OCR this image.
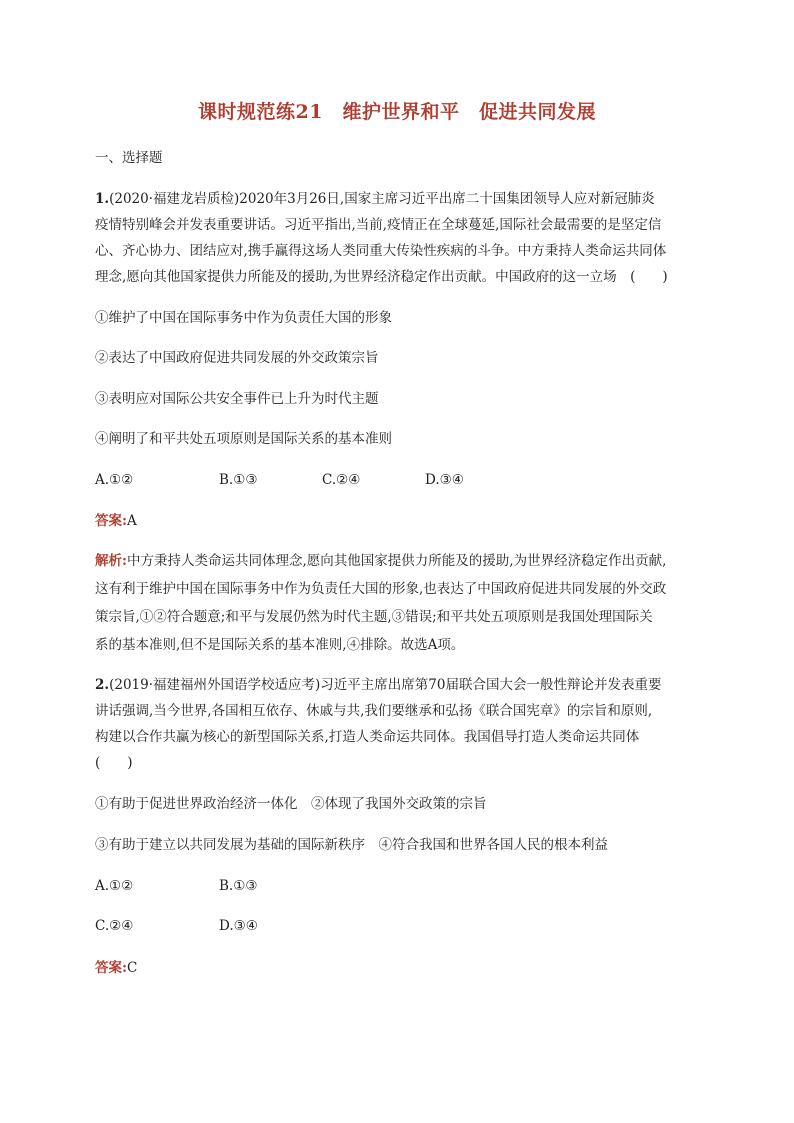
课时规范练21　维护世界和平　促进共同发展
一、选择题
1.(2020·福建龙岩质检)2020年3月26日,国家主席习近平出席二十国集团领导人应对新冠肺炎
疫情特别峰会并发表重要讲话。习近平指出,当前,疫情正在全球蔓延,国际社会最需要的是坚定信
心、齐心协力、团结应对,携手赢得这场人类同重大传染性疾病的斗争。中方秉持人类命运共同体
理念,愿向其他国家提供力所能及的援助,为世界经济稳定作出贡献。中国政府的这一立场　(　　)
①维护了中国在国际事务中作为负责任大国的形象
②表达了中国政府促进共同发展的外交政策宗旨
③表明应对国际公共安全事件已上升为时代主题
④阐明了和平共处五项原则是国际关系的基本准则
A.①②	B.①③	C.②④	D.③④
答案:A
解析:中方秉持人类命运共同体理念,愿向其他国家提供力所能及的援助,为世界经济稳定作出贡献,
这有利于维护中国在国际事务中作为负责任大国的形象,也表达了中国政府促进共同发展的外交政
策宗旨,①②符合题意;和平与发展仍然为时代主题,③错误;和平共处五项原则是我国处理国际关
系的基本准则,但不是国际关系的基本准则,④排除。故选A项。
2.(2019·福建福州外国语学校适应考)习近平主席出席第70届联合国大会一般性辩论并发表重要
讲话强调,当今世界,各国相互依存、休戚与共,我们要继承和弘扬《联合国宪章》的宗旨和原则,
构建以合作共赢为核心的新型国际关系,打造人类命运共同体。我国倡导打造人类命运共同体
(　　)
①有助于促进世界政治经济一体化　②体现了我国外交政策的宗旨
③有助于建立以共同发展为基础的国际新秩序　④符合我国和世界各国人民的根本利益
A.①②	B.①③
C.②④	D.③④
答案:C
